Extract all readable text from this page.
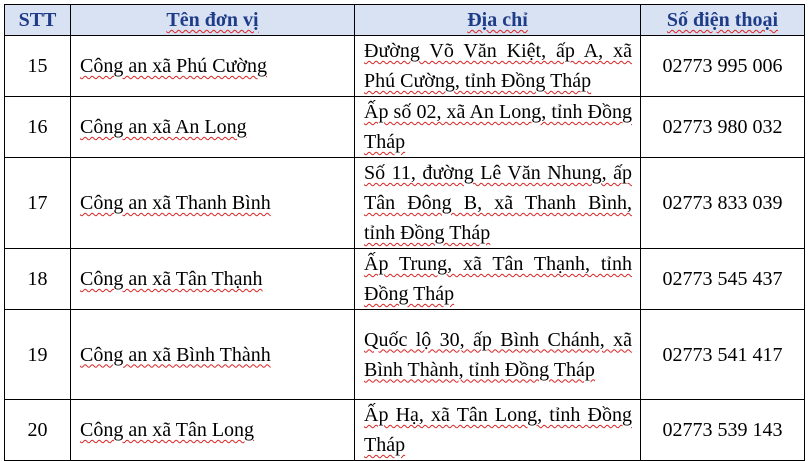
STT	Tên đơn vị	Địa chỉ	Số điện thoại
15	Công an xã Phú Cường	Đường Võ Văn Kiệt, ấp A, xã Phú Cường, tỉnh Đồng Tháp	02773 995 006
16	Công an xã An Long	Ấp số 02, xã An Long, tỉnh Đồng Tháp	02773 980 032
17	Công an xã Thanh Bình	Số 11, đường Lê Văn Nhung, ấp Tân Đông B, xã Thanh Bình, tỉnh Đồng Tháp	02773 833 039
18	Công an xã Tân Thạnh	Ấp Trung, xã Tân Thạnh, tỉnh Đồng Tháp	02773 545 437
19	Công an xã Bình Thành	Quốc lộ 30, ấp Bình Chánh, xã Bình Thành, tỉnh Đồng Tháp	02773 541 417
20	Công an xã Tân Long	Ấp Hạ, xã Tân Long, tỉnh Đồng Tháp	02773 539 143
